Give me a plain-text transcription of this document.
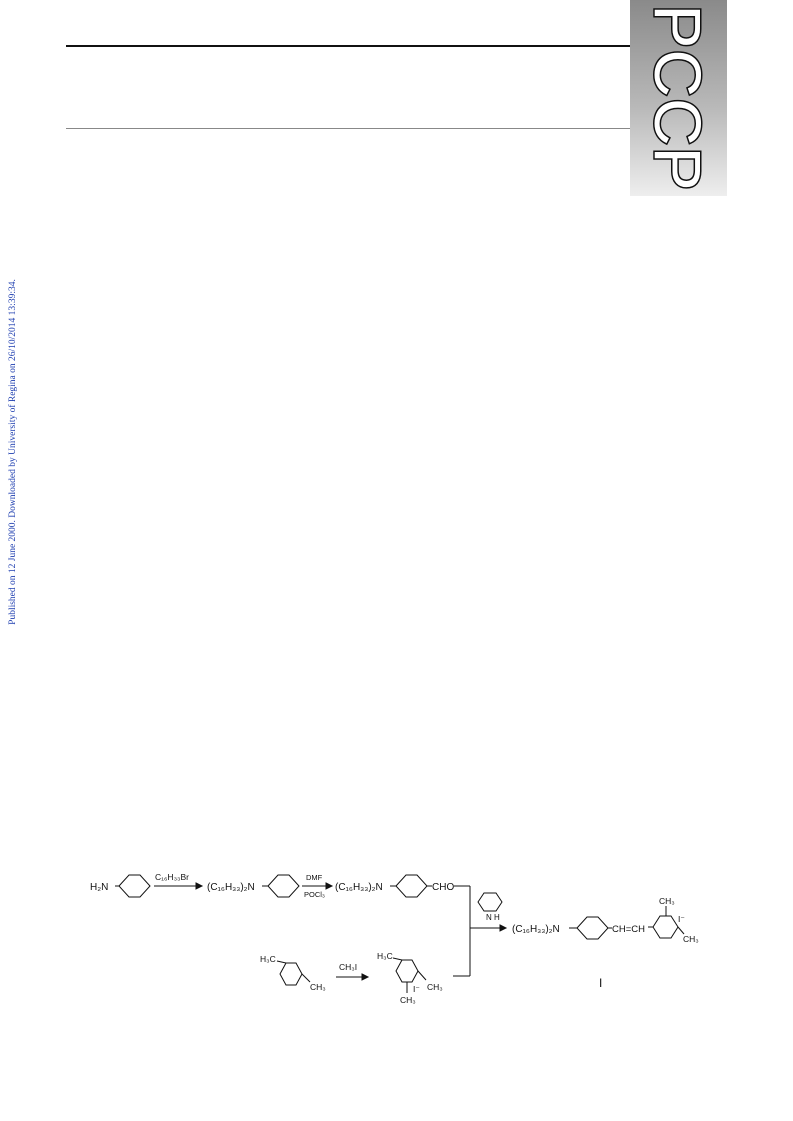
PCCP
Published on 12 June 2000. Downloaded by University of Regina on 26/10/2014 13:39:34.
H₂N
C₁₆H₃₃Br
(C₁₆H₃₃)₂N
DMF
POCl₃
(C₁₆H₃₃)₂N	CHO
N H
(C₁₆H₃₃)₂N	CH=CH
CH₃
I⁻
CH₃
H₃C
CH₃
CH₃I
H₃C
CH₃
CH₃
I⁻	I
